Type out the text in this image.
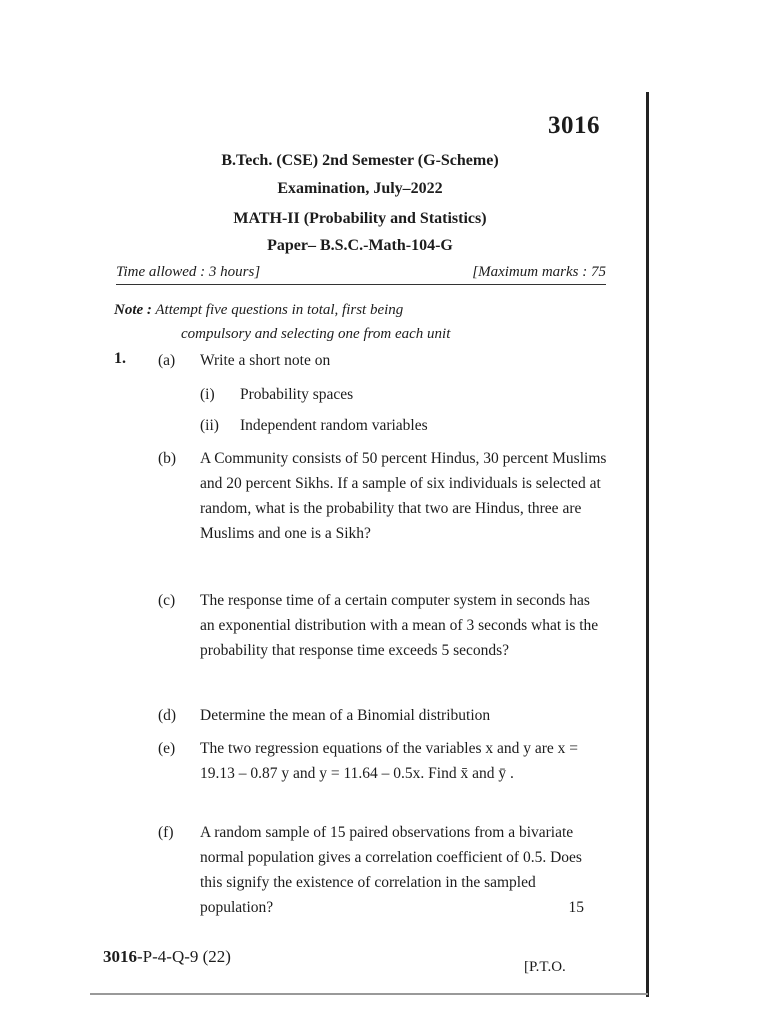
3016
B.Tech. (CSE) 2nd Semester (G-Scheme)
Examination, July–2022
MATH-II (Probability and Statistics)
Paper– B.S.C.-Math-104-G
Time allowed : 3 hours]	[Maximum marks : 75
Note : Attempt five questions in total, first being
compulsory and selecting one from each unit
1. (a)	Write a short note on
(i) Probability spaces
(ii) Independent random variables
(b)	A Community consists of 50 percent Hindus, 30 percent Muslims and 20 percent Sikhs. If a sample of six individuals is selected at random, what is the probability that two are Hindus, three are Muslims and one is a Sikh?
(c)	The response time of a certain computer system in seconds has an exponential distribution with a mean of 3 seconds what is the probability that response time exceeds 5 seconds?
(d)	Determine the mean of a Binomial distribution
(e)	The two regression equations of the variables x and y are x = 19.13 – 0.87 y and y = 11.64 – 0.5x. Find x̄ and ȳ .
(f)	A random sample of 15 paired observations from a bivariate normal population gives a correlation coefficient of 0.5. Does this signify the existence of correlation in the sampled population?	15
3016-P-4-Q-9 (22)
[P.T.O.
